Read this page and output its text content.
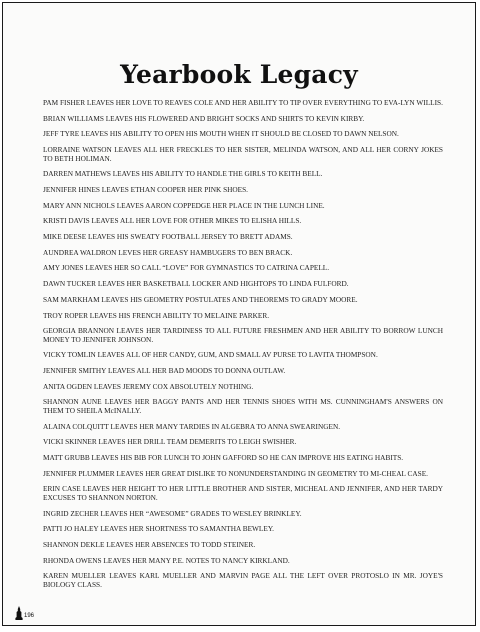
Yearbook Legacy

PAM FISHER LEAVES HER LOVE TO REAVES COLE AND HER ABILITY TO TIP OVER EVERYTHING TO EVA-LYN WILLIS.

BRIAN WILLIAMS LEAVES HIS FLOWERED AND BRIGHT SOCKS AND SHIRTS TO KEVIN KIRBY.

JEFF TYRE LEAVES HIS ABILITY TO OPEN HIS MOUTH WHEN IT SHOULD BE CLOSED TO DAWN NELSON.

LORRAINE WATSON LEAVES ALL HER FRECKLES TO HER SISTER, MELINDA WATSON, AND ALL HER CORNY JOKES TO BETH HOLIMAN.

DARREN MATHEWS LEAVES HIS ABILITY TO HANDLE THE GIRLS TO KEITH BELL.

JENNIFER HINES LEAVES ETHAN COOPER HER PINK SHOES.

MARY ANN NICHOLS LEAVES AARON COPPEDGE HER PLACE IN THE LUNCH LINE.

KRISTI DAVIS LEAVES ALL HER LOVE FOR OTHER MIKES TO ELISHA HILLS.

MIKE DEESE LEAVES HIS SWEATY FOOTBALL JERSEY TO BRETT ADAMS.

AUNDREA WALDRON LEVES HER GREASY HAMBUGERS TO BEN BRACK.

AMY JONES LEAVES HER SO CALL “LOVE” FOR GYMNASTICS TO CATRINA CAPELL.

DAWN TUCKER LEAVES HER BASKETBALL LOCKER AND HIGHTOPS TO LINDA FULFORD.

SAM MARKHAM LEAVES HIS GEOMETRY POSTULATES AND THEOREMS TO GRADY MOORE.

TROY ROPER LEAVES HIS FRENCH ABILITY TO MELAINE PARKER.

GEORGIA BRANNON LEAVES HER TARDINESS TO ALL FUTURE FRESHMEN AND HER ABILITY TO BORROW LUNCH MONEY TO JENNIFER JOHNSON.

VICKY TOMLIN LEAVES ALL OF HER CANDY, GUM, AND SMALL AV PURSE TO LAVITA THOMPSON.

JENNIFER SMITHY LEAVES ALL HER BAD MOODS TO DONNA OUTLAW.

ANITA OGDEN LEAVES JEREMY COX ABSOLUTELY NOTHING.

SHANNON AUNE LEAVES HER BAGGY PANTS AND HER TENNIS SHOES WITH MS. CUNNINGHAM'S ANSWERS ON THEM TO SHEILA McINALLY.

ALAINA COLQUITT LEAVES HER MANY TARDIES IN ALGEBRA TO ANNA SWEARINGEN.

VICKI SKINNER LEAVES HER DRILL TEAM DEMERITS TO LEIGH SWISHER.

MATT GRUBB LEAVES HIS BIB FOR LUNCH TO JOHN GAFFORD SO HE CAN IMPROVE HIS EATING HABITS.

JENNIFER PLUMMER LEAVES HER GREAT DISLIKE TO NONUNDERSTANDING IN GEOMETRY TO MI-CHEAL CASE.

ERIN CASE LEAVES HER HEIGHT TO HER LITTLE BROTHER AND SISTER, MICHEAL AND JENNIFER, AND HER TARDY EXCUSES TO SHANNON NORTON.

INGRID ZECHER LEAVES HER “AWESOME” GRADES TO WESLEY BRINKLEY.

PATTI JO HALEY LEAVES HER SHORTNESS TO SAMANTHA BEWLEY.

SHANNON DEKLE LEAVES HER ABSENCES TO TODD STEINER.

RHONDA OWENS LEAVES HER MANY P.E. NOTES TO NANCY KIRKLAND.

KAREN MUELLER LEAVES KARL MUELLER AND MARVIN PAGE ALL THE LEFT OVER PROTOSLO IN MR. JOYE'S BIOLOGY CLASS.

196
